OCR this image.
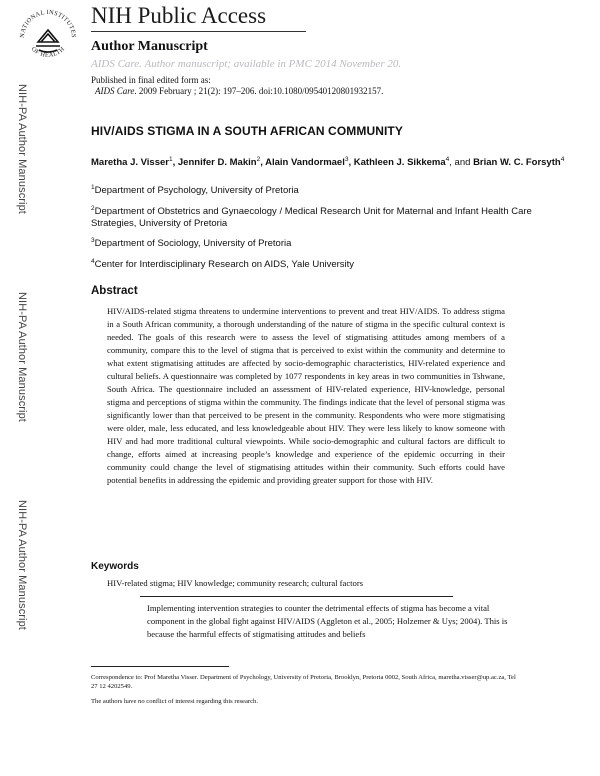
NATIONAL INSTITUTES
OF HEALTH
NIH Public Access
Author Manuscript
AIDS Care. Author manuscript; available in PMC 2014 November 20.
NIH-PA Author Manuscript
NIH-PA Author Manuscript
NIH-PA Author Manuscript
Published in final edited form as:
AIDS Care. 2009 February ; 21(2): 197–206. doi:10.1080/09540120801932157.
HIV/AIDS STIGMA IN A SOUTH AFRICAN COMMUNITY
Maretha J. Visser$^1$, Jennifer D. Makin$^2$, Alain Vandormael$^3$, Kathleen J. Sikkema$^4$, and Brian W. C. Forsyth$^4$
$^1$Department of Psychology, University of Pretoria
$^2$Department of Obstetrics and Gynaecology / Medical Research Unit for Maternal and Infant Health Care Strategies, University of Pretoria
$^3$Department of Sociology, University of Pretoria
$^4$Center for Interdisciplinary Research on AIDS, Yale University
Abstract
HIV/AIDS-related stigma threatens to undermine interventions to prevent and treat HIV/AIDS. To address stigma in a South African community, a thorough understanding of the nature of stigma in the specific cultural context is needed. The goals of this research were to assess the level of stigmatising attitudes among members of a community, compare this to the level of stigma that is perceived to exist within the community and determine to what extent stigmatising attitudes are affected by socio-demographic characteristics, HIV-related experience and cultural beliefs. A questionnaire was completed by 1077 respondents in key areas in two communities in Tshwane, South Africa. The questionnaire included an assessment of HIV-related experience, HIV-knowledge, personal stigma and perceptions of stigma within the community. The findings indicate that the level of personal stigma was significantly lower than that perceived to be present in the community. Respondents who were more stigmatising were older, male, less educated, and less knowledgeable about HIV. They were less likely to know someone with HIV and had more traditional cultural viewpoints. While socio-demographic and cultural factors are difficult to change, efforts aimed at increasing people’s knowledge and experience of the epidemic occurring in their community could change the level of stigmatising attitudes within their community. Such efforts could have potential benefits in addressing the epidemic and providing greater support for those with HIV.
Keywords
HIV-related stigma; HIV knowledge; community research; cultural factors
Implementing intervention strategies to counter the detrimental effects of stigma has become a vital component in the global fight against HIV/AIDS (Aggleton et al., 2005; Holzemer & Uys; 2004). This is because the harmful effects of stigmatising attitudes and beliefs
Correspondence to: Prof Maretha Visser. Department of Psychology, University of Pretoria, Brooklyn, Pretoria 0002, South Africa, maretha.visser@up.ac.za, Tel 27 12 4202549.
The authors have no conflict of interest regarding this research.
